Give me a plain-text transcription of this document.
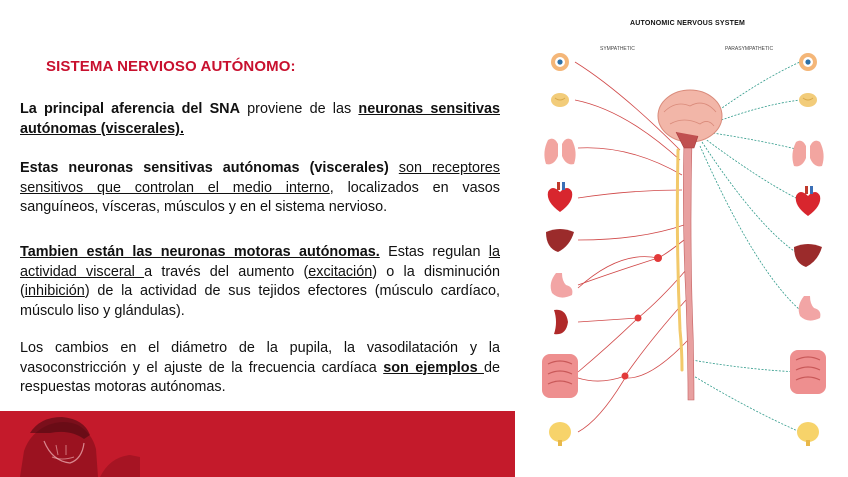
SISTEMA NERVIOSO AUTÓNOMO:
La principal aferencia del SNA proviene de las neuronas sensitivas autónomas (viscerales).
Estas neuronas sensitivas autónomas (viscerales) son receptores sensitivos que controlan el medio interno, localizados en vasos sanguíneos, vísceras, músculos y en el sistema nervioso.
Tambien están las neuronas motoras autónomas. Estas regulan la actividad visceral a través del aumento (excitación) o la disminución (inhibición) de la actividad de sus tejidos efectores (músculo cardíaco, músculo liso y glándulas).
Los cambios en el diámetro de la pupila, la vasodilatación y la vasoconstricción y el ajuste de la frecuencia cardíaca son ejemplos de respuestas motoras autónomas.
AUTONOMIC NERVOUS SYSTEM
SYMPATHETIC	PARASYMPATHETIC
